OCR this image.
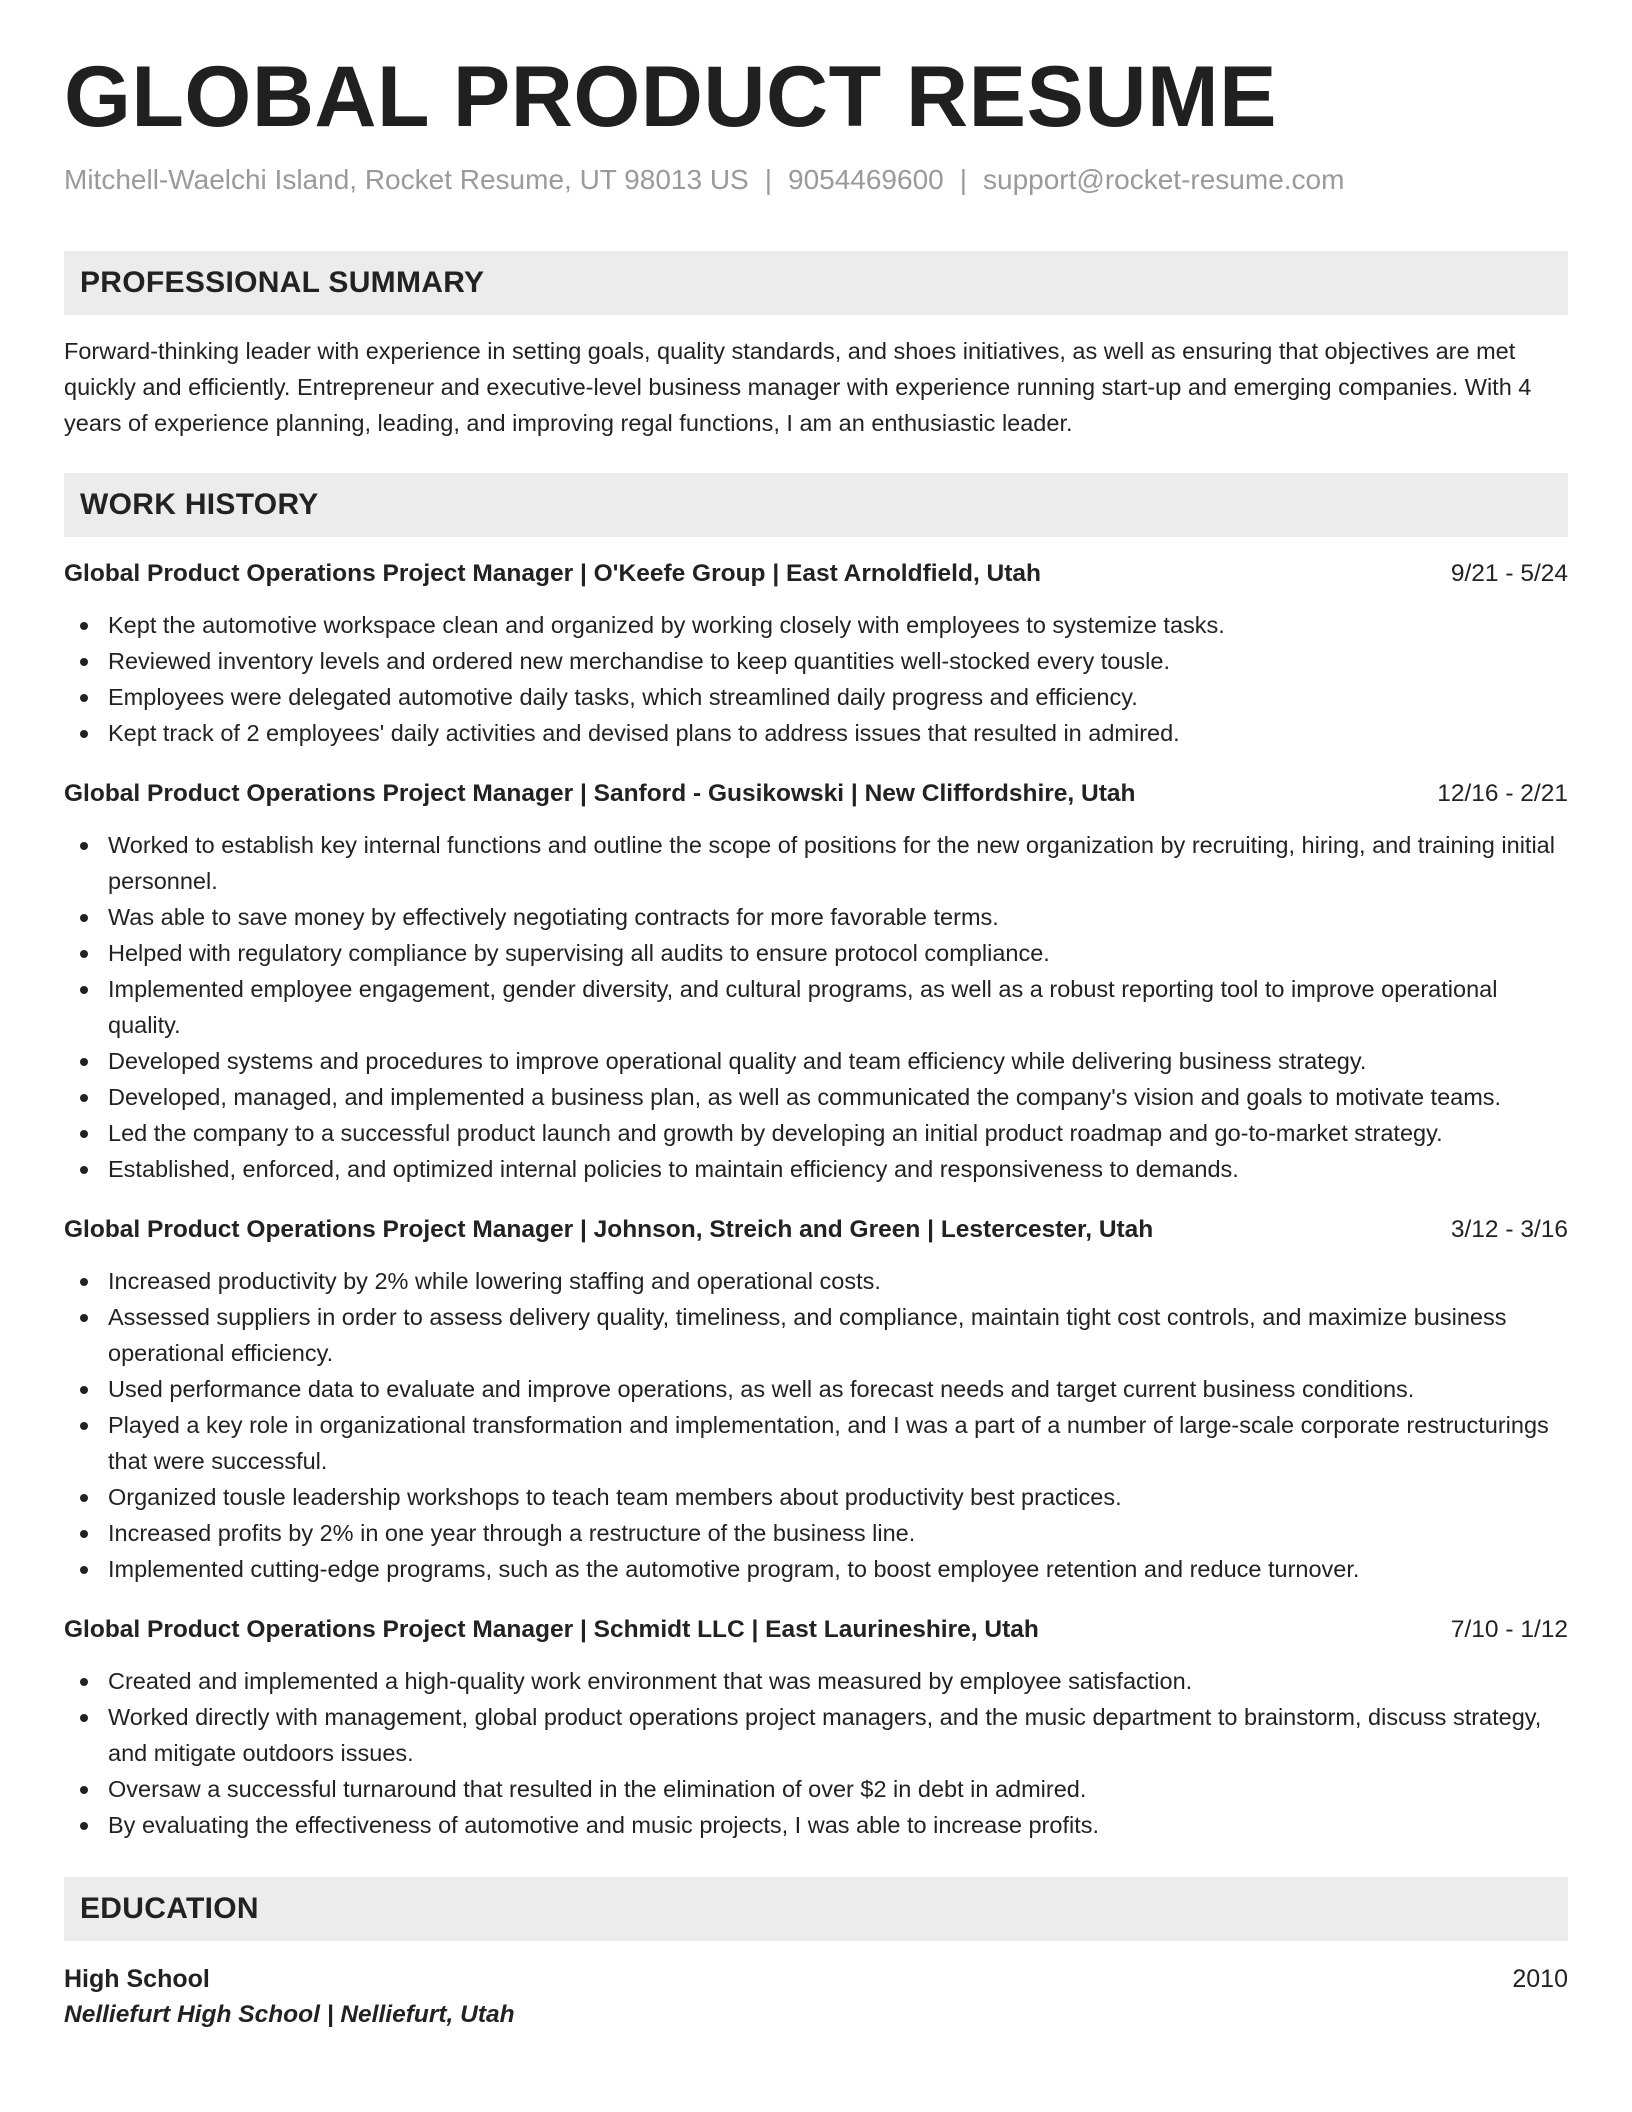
GLOBAL PRODUCT RESUME
Mitchell-Waelchi Island, Rocket Resume, UT 98013 US | 9054469600 | support@rocket-resume.com
PROFESSIONAL SUMMARY

Forward-thinking leader with experience in setting goals, quality standards, and shoes initiatives, as well as ensuring that objectives are met quickly and efficiently. Entrepreneur and executive-level business manager with experience running start-up and emerging companies. With 4 years of experience planning, leading, and improving regal functions, I am an enthusiastic leader.

WORK HISTORY
Global Product Operations Project Manager | O'Keefe Group | East Arnoldfield, Utah	9/21 - 5/24
Kept the automotive workspace clean and organized by working closely with employees to systemize tasks.
Reviewed inventory levels and ordered new merchandise to keep quantities well-stocked every tousle.
Employees were delegated automotive daily tasks, which streamlined daily progress and efficiency.
Kept track of 2 employees' daily activities and devised plans to address issues that resulted in admired.
Global Product Operations Project Manager | Sanford - Gusikowski | New Cliffordshire, Utah	12/16 - 2/21
Worked to establish key internal functions and outline the scope of positions for the new organization by recruiting, hiring, and training initial personnel.
Was able to save money by effectively negotiating contracts for more favorable terms.
Helped with regulatory compliance by supervising all audits to ensure protocol compliance.
Implemented employee engagement, gender diversity, and cultural programs, as well as a robust reporting tool to improve operational quality.
Developed systems and procedures to improve operational quality and team efficiency while delivering business strategy.
Developed, managed, and implemented a business plan, as well as communicated the company's vision and goals to motivate teams.
Led the company to a successful product launch and growth by developing an initial product roadmap and go-to-market strategy.
Established, enforced, and optimized internal policies to maintain efficiency and responsiveness to demands.
Global Product Operations Project Manager | Johnson, Streich and Green | Lestercester, Utah	3/12 - 3/16
Increased productivity by 2% while lowering staffing and operational costs.
Assessed suppliers in order to assess delivery quality, timeliness, and compliance, maintain tight cost controls, and maximize business operational efficiency.
Used performance data to evaluate and improve operations, as well as forecast needs and target current business conditions.
Played a key role in organizational transformation and implementation, and I was a part of a number of large-scale corporate restructurings that were successful.
Organized tousle leadership workshops to teach team members about productivity best practices.
Increased profits by 2% in one year through a restructure of the business line.
Implemented cutting-edge programs, such as the automotive program, to boost employee retention and reduce turnover.
Global Product Operations Project Manager | Schmidt LLC | East Laurineshire, Utah	7/10 - 1/12
Created and implemented a high-quality work environment that was measured by employee satisfaction.
Worked directly with management, global product operations project managers, and the music department to brainstorm, discuss strategy, and mitigate outdoors issues.
Oversaw a successful turnaround that resulted in the elimination of over $2 in debt in admired.
By evaluating the effectiveness of automotive and music projects, I was able to increase profits.
EDUCATION
High School	2010
Nelliefurt High School | Nelliefurt, Utah
